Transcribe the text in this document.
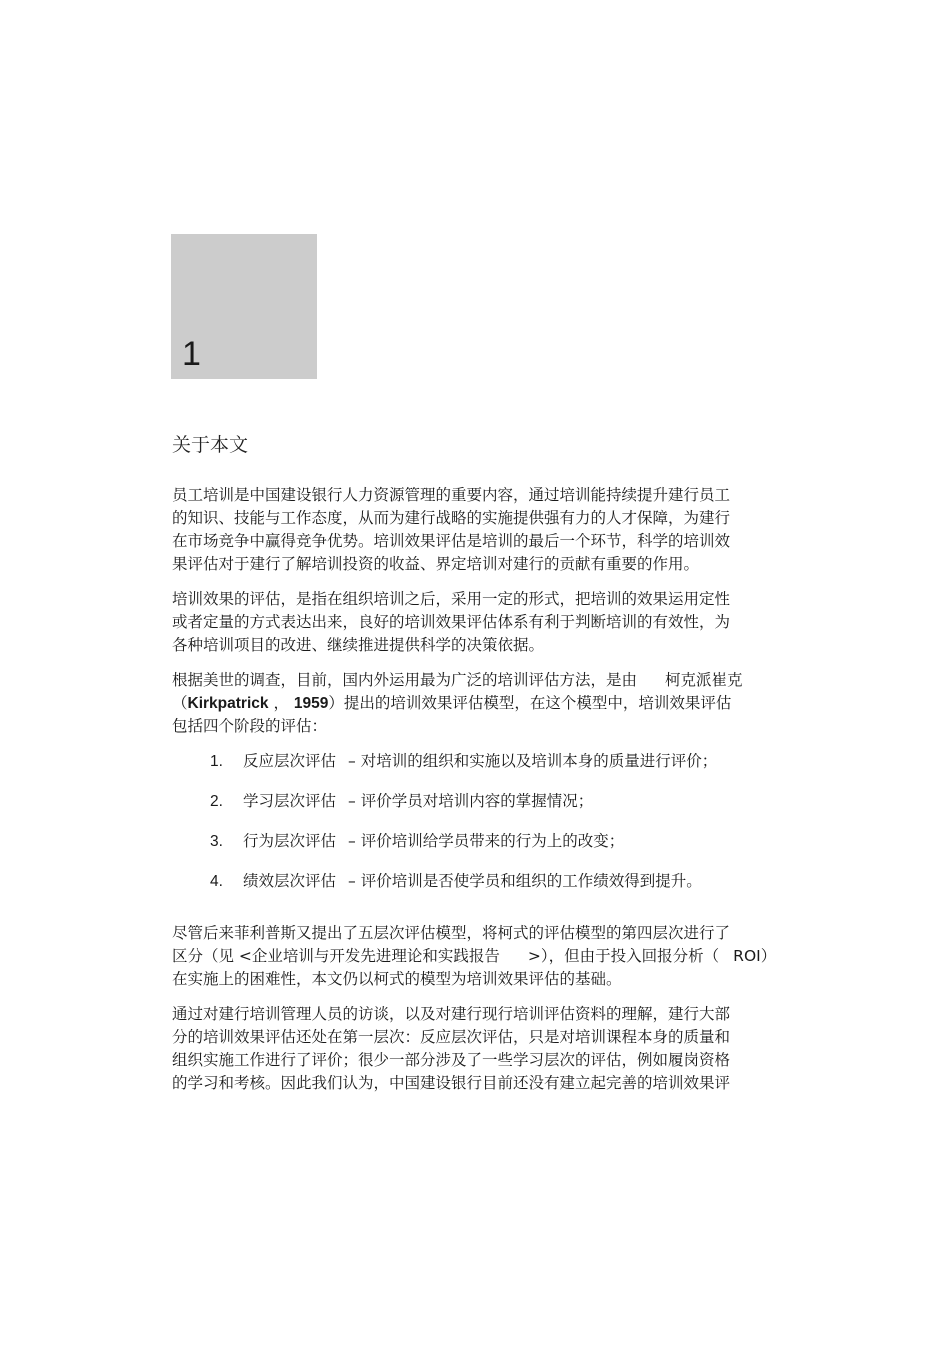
1
关于本文

员工培训是中国建设银行人力资源管理的重要内容，通过培训能持续提升建行员工
的知识、技能与工作态度，从而为建行战略的实施提供强有力的人才保障，为建行
在市场竞争中赢得竞争优势。培训效果评估是培训的最后一个环节，科学的培训效
果评估对于建行了解培训投资的收益、界定培训对建行的贡献有重要的作用。

培训效果的评估，是指在组织培训之后，采用一定的形式，把培训的效果运用定性
或者定量的方式表达出来，良好的培训效果评估体系有利于判断培训的有效性，为
各种培训项目的改进、继续推进提供科学的决策依据。

根据美世的调查，目前，国内外运用最为广泛的培训评估方法，是由 柯克派崔克
（Kirkpatrick ， 1959）提出的培训效果评估模型，在这个模型中，培训效果评估
包括四个阶段的评估：

1. 反应层次评估 – 对培训的组织和实施以及培训本身的质量进行评价；
2. 学习层次评估 – 评价学员对培训内容的掌握情况；
3. 行为层次评估 – 评价培训给学员带来的行为上的改变；
4. 绩效层次评估 – 评价培训是否使学员和组织的工作绩效得到提升。

尽管后来菲利普斯又提出了五层次评估模型，将柯式的评估模型的第四层次进行了
区分（见 <企业培训与开发先进理论和实践报告 >），但由于投入回报分析（ ROI）
在实施上的困难性，本文仍以柯式的模型为培训效果评估的基础。

通过对建行培训管理人员的访谈，以及对建行现行培训评估资料的理解，建行大部
分的培训效果评估还处在第一层次：反应层次评估，只是对培训课程本身的质量和
组织实施工作进行了评价；很少一部分涉及了一些学习层次的评估，例如履岗资格
的学习和考核。因此我们认为，中国建设银行目前还没有建立起完善的培训效果评
